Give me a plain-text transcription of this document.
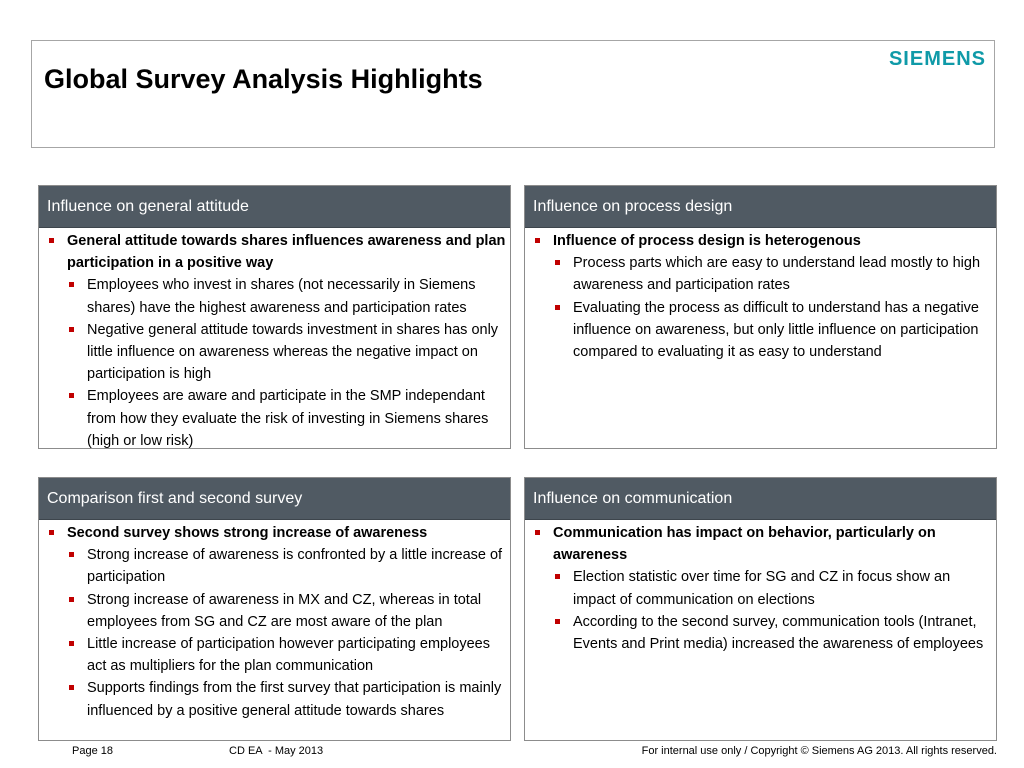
SIEMENS
Global Survey Analysis Highlights
Influence on general attitude
General attitude towards shares influences awareness and plan participation in a positive way
Employees who invest in shares (not necessarily in Siemens shares) have the highest awareness and participation rates
Negative general attitude towards investment in shares has only little influence on awareness whereas the negative impact on participation is high
Employees are aware and participate in the SMP independant from how they evaluate the risk of investing in Siemens shares (high or low risk)
Influence on process design
Influence of process design is heterogenous
Process parts which are easy to understand lead mostly to high awareness and participation rates
Evaluating the process as difficult to understand has a negative influence on awareness, but only little influence on participation compared to evaluating it as easy to understand
Comparison first and second survey
Second survey shows strong increase of awareness
Strong increase of awareness is confronted by a little increase of participation
Strong increase of awareness in MX and CZ, whereas in total employees from SG and CZ are most aware of the plan
Little increase of participation however participating employees act as multipliers for the plan communication
Supports findings from the first survey that participation is mainly influenced by a positive general attitude towards shares
Influence on communication
Communication has impact on behavior, particularly on awareness
Election statistic over time for SG and CZ in focus show an impact of communication on elections
According to the second survey, communication tools (Intranet, Events and Print media) increased the awareness of employees
Page 18	CD EA  - May 2013	For internal use only / Copyright © Siemens AG 2013. All rights reserved.
